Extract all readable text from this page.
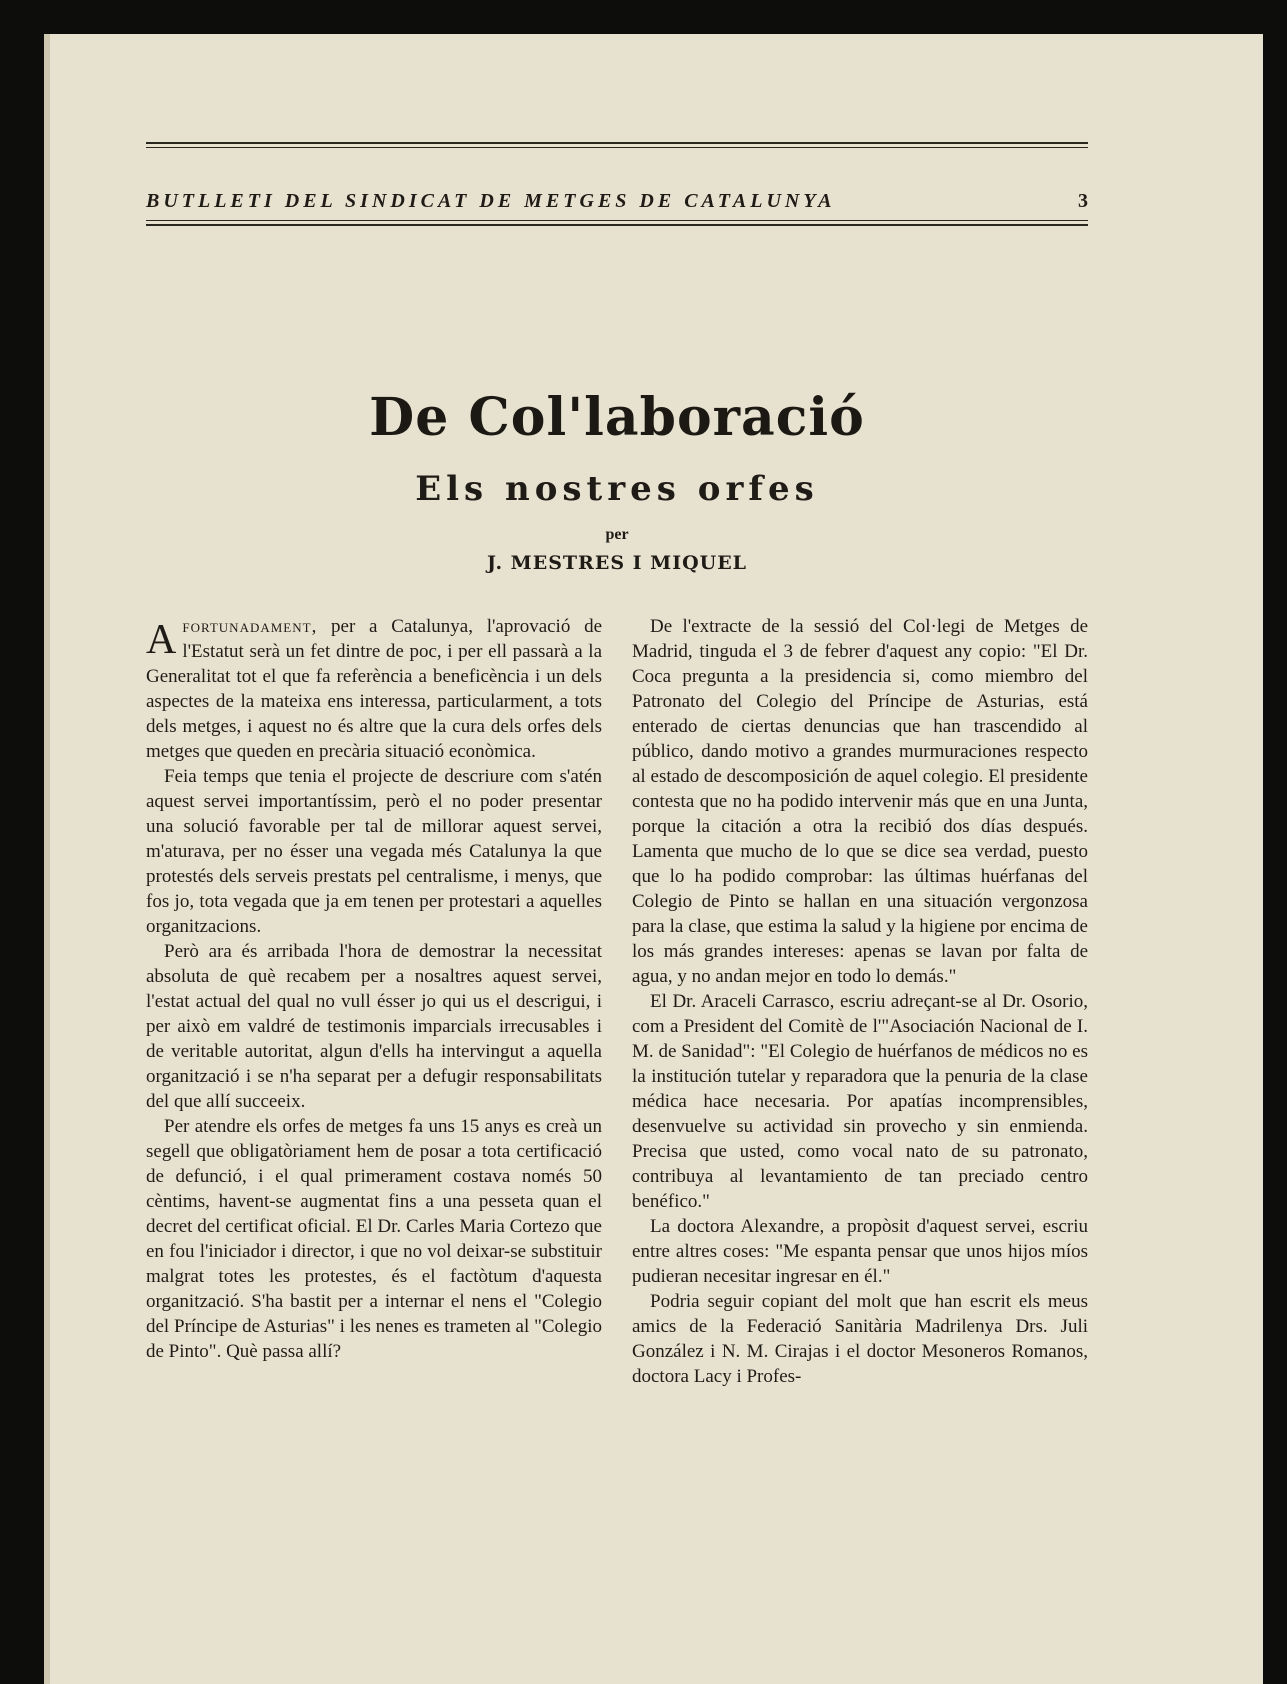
BUTLLETI DEL SINDICAT DE METGES DE CATALUNYA	3
De Col'laboració
Els nostres orfes
per
J. MESTRES I MIQUEL

Afortunadament, per a Catalunya, l'aprovació de l'Estatut serà un fet dintre de poc, i per ell passarà a la Generalitat tot el que fa referència a beneficència i un dels aspectes de la mateixa ens interessa, particularment, a tots dels metges, i aquest no és altre que la cura dels orfes dels metges que queden en precària situació econòmica.

Feia temps que tenia el projecte de descriure com s'atén aquest servei importantíssim, però el no poder presentar una solució favorable per tal de millorar aquest servei, m'aturava, per no ésser una vegada més Catalunya la que protestés dels serveis prestats pel centralisme, i menys, que fos jo, tota vegada que ja em tenen per protestari a aquelles organitzacions.

Però ara és arribada l'hora de demostrar la necessitat absoluta de què recabem per a nosaltres aquest servei, l'estat actual del qual no vull ésser jo qui us el descrigui, i per això em valdré de testimonis imparcials irrecusables i de veritable autoritat, algun d'ells ha intervingut a aquella organització i se n'ha separat per a defugir responsabilitats del que allí succeeix.

Per atendre els orfes de metges fa uns 15 anys es creà un segell que obligatòriament hem de posar a tota certificació de defunció, i el qual primerament costava només 50 cèntims, havent-se augmentat fins a una pesseta quan el decret del certificat oficial. El Dr. Carles Maria Cortezo que en fou l'iniciador i director, i que no vol deixar-se substituir malgrat totes les protestes, és el factòtum d'aquesta organització. S'ha bastit per a internar el nens el "Colegio del Príncipe de Asturias" i les nenes es trameten al "Colegio de Pinto". Què passa allí?

De l'extracte de la sessió del Col·legi de Metges de Madrid, tinguda el 3 de febrer d'aquest any copio: "El Dr. Coca pregunta a la presidencia si, como miembro del Patronato del Colegio del Príncipe de Asturias, está enterado de ciertas denuncias que han trascendido al público, dando motivo a grandes murmuraciones respecto al estado de descomposición de aquel colegio. El presidente contesta que no ha podido intervenir más que en una Junta, porque la citación a otra la recibió dos días después. Lamenta que mucho de lo que se dice sea verdad, puesto que lo ha podido comprobar: las últimas huérfanas del Colegio de Pinto se hallan en una situación vergonzosa para la clase, que estima la salud y la higiene por encima de los más grandes intereses: apenas se lavan por falta de agua, y no andan mejor en todo lo demás."

El Dr. Araceli Carrasco, escriu adreçant-se al Dr. Osorio, com a President del Comitè de l'"Asociación Nacional de I. M. de Sanidad": "El Colegio de huérfanos de médicos no es la institución tutelar y reparadora que la penuria de la clase médica hace necesaria. Por apatías incomprensibles, desenvuelve su actividad sin provecho y sin enmienda. Precisa que usted, como vocal nato de su patronato, contribuya al levantamiento de tan preciado centro benéfico."

La doctora Alexandre, a propòsit d'aquest servei, escriu entre altres coses: "Me espanta pensar que unos hijos míos pudieran necesitar ingresar en él."

Podria seguir copiant del molt que han escrit els meus amics de la Federació Sanitària Madrilenya Drs. Juli González i N. M. Cirajas i el doctor Mesoneros Romanos, doctora Lacy i Profes-
